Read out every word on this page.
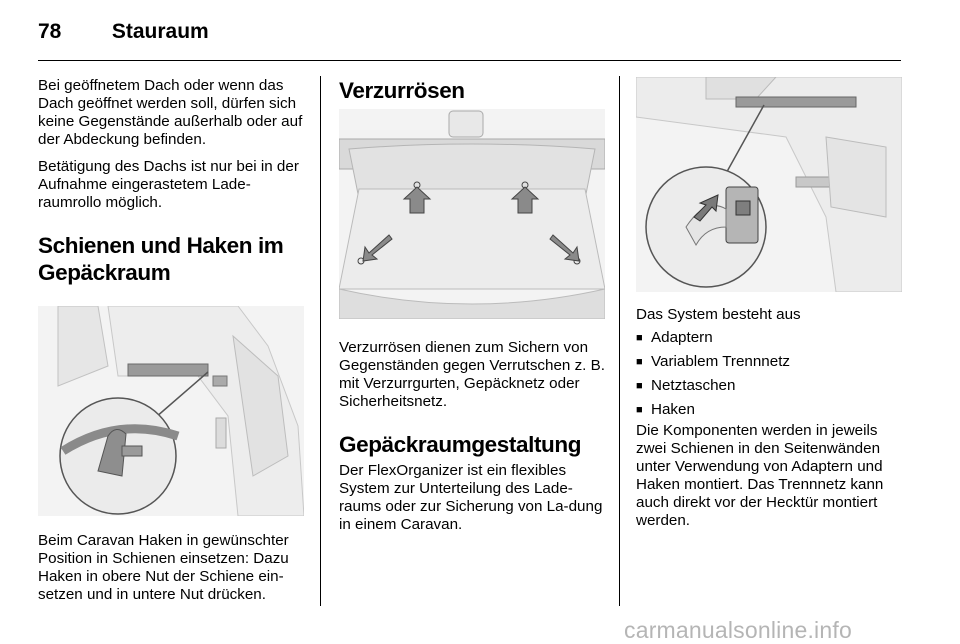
78 Stauraum

Bei geöffnetem Dach oder wenn das Dach geöffnet werden soll, dürfen sich keine Gegenstände außerhalb oder auf der Abdeckung befinden.

Betätigung des Dachs ist nur bei in der Aufnahme eingerastetem Lade-raumrollo möglich.

Schienen und Haken im Gepäckraum

Beim Caravan Haken in gewünschter Position in Schienen einsetzen: Dazu Haken in obere Nut der Schiene ein-setzen und in untere Nut drücken.

Verzurrösen

Verzurrösen dienen zum Sichern von Gegenständen gegen Verrutschen z. B. mit Verzurrgurten, Gepäcknetz oder Sicherheitsnetz.

Gepäckraumgestaltung

Der FlexOrganizer ist ein flexibles System zur Unterteilung des Lade-raums oder zur Sicherung von La-dung in einem Caravan.

Das System besteht aus

■ Adaptern
■ Variablem Trennnetz
■ Netztaschen
■ Haken

Die Komponenten werden in jeweils zwei Schienen in den Seitenwänden unter Verwendung von Adaptern und Haken montiert. Das Trennnetz kann auch direkt vor der Hecktür montiert werden.

carmanualsonline.info
